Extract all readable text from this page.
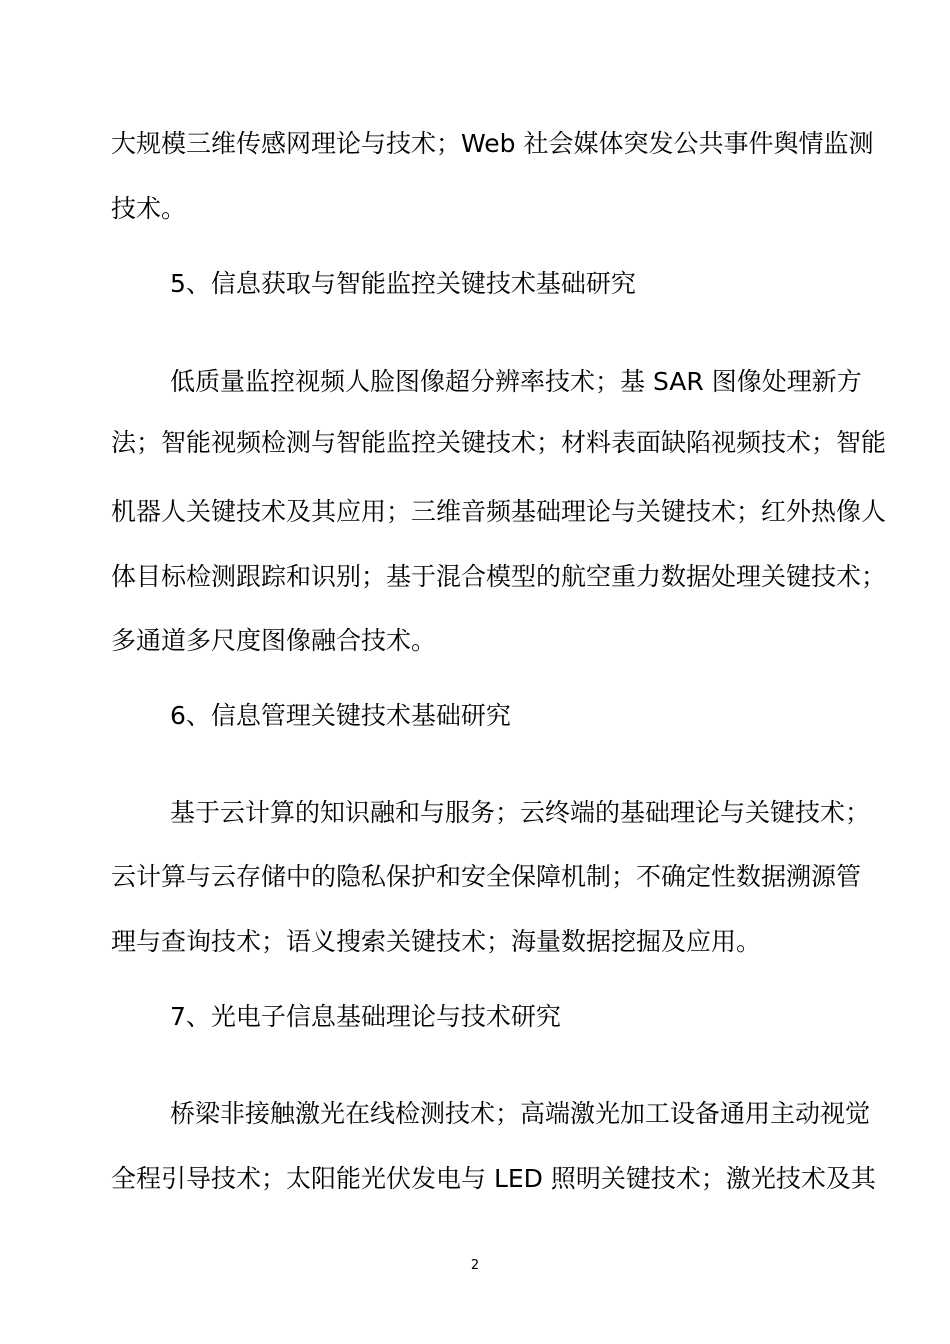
大规模三维传感网理论与技术；Web 社会媒体突发公共事件舆情监测
技术。
5、信息获取与智能监控关键技术基础研究
低质量监控视频人脸图像超分辨率技术；基 SAR 图像处理新方
法；智能视频检测与智能监控关键技术；材料表面缺陷视频技术；智能
机器人关键技术及其应用；三维音频基础理论与关键技术；红外热像人
体目标检测跟踪和识别；基于混合模型的航空重力数据处理关键技术；
多通道多尺度图像融合技术。
6、信息管理关键技术基础研究
基于云计算的知识融和与服务；云终端的基础理论与关键技术；
云计算与云存储中的隐私保护和安全保障机制；不确定性数据溯源管
理与查询技术；语义搜索关键技术；海量数据挖掘及应用。
7、光电子信息基础理论与技术研究
桥梁非接触激光在线检测技术；高端激光加工设备通用主动视觉
全程引导技术；太阳能光伏发电与 LED 照明关键技术；激光技术及其
2
